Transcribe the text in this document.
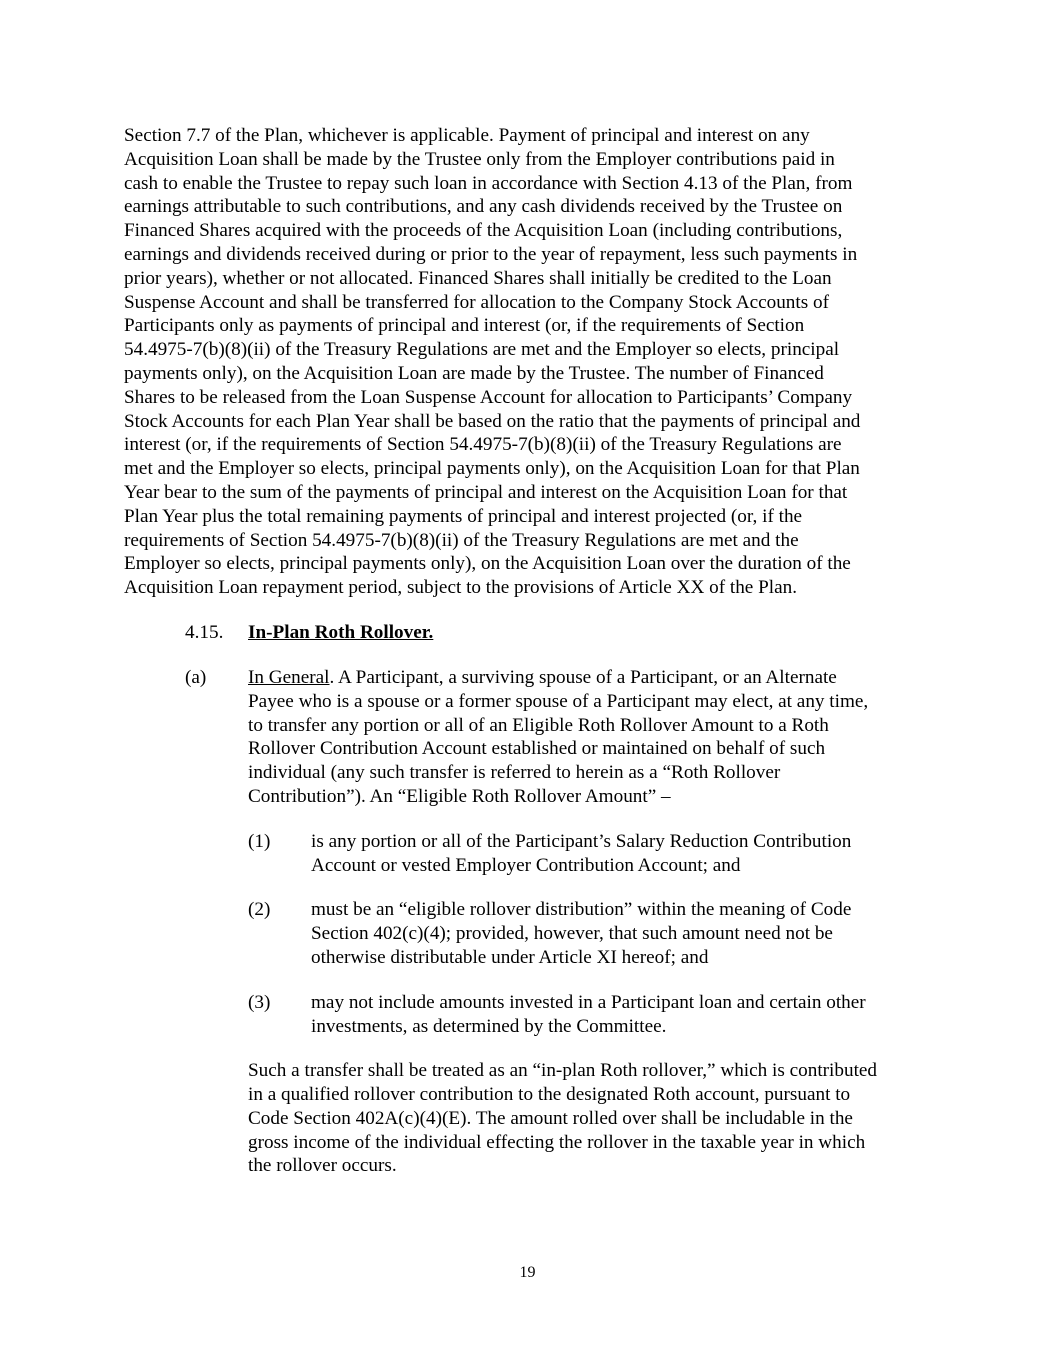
Section 7.7 of the Plan, whichever is applicable. Payment of principal and interest on any
Acquisition Loan shall be made by the Trustee only from the Employer contributions paid in
cash to enable the Trustee to repay such loan in accordance with Section 4.13 of the Plan, from
earnings attributable to such contributions, and any cash dividends received by the Trustee on
Financed Shares acquired with the proceeds of the Acquisition Loan (including contributions,
earnings and dividends received during or prior to the year of repayment, less such payments in
prior years), whether or not allocated. Financed Shares shall initially be credited to the Loan
Suspense Account and shall be transferred for allocation to the Company Stock Accounts of
Participants only as payments of principal and interest (or, if the requirements of Section
54.4975-7(b)(8)(ii) of the Treasury Regulations are met and the Employer so elects, principal
payments only), on the Acquisition Loan are made by the Trustee. The number of Financed
Shares to be released from the Loan Suspense Account for allocation to Participants’ Company
Stock Accounts for each Plan Year shall be based on the ratio that the payments of principal and
interest (or, if the requirements of Section 54.4975-7(b)(8)(ii) of the Treasury Regulations are
met and the Employer so elects, principal payments only), on the Acquisition Loan for that Plan
Year bear to the sum of the payments of principal and interest on the Acquisition Loan for that
Plan Year plus the total remaining payments of principal and interest projected (or, if the
requirements of Section 54.4975-7(b)(8)(ii) of the Treasury Regulations are met and the
Employer so elects, principal payments only), on the Acquisition Loan over the duration of the
Acquisition Loan repayment period, subject to the provisions of Article XX of the Plan.
4.15. In-Plan Roth Rollover.
(a) In General. A Participant, a surviving spouse of a Participant, or an Alternate
Payee who is a spouse or a former spouse of a Participant may elect, at any time,
to transfer any portion or all of an Eligible Roth Rollover Amount to a Roth
Rollover Contribution Account established or maintained on behalf of such
individual (any such transfer is referred to herein as a “Roth Rollover
Contribution”). An “Eligible Roth Rollover Amount” –
(1) is any portion or all of the Participant’s Salary Reduction Contribution
Account or vested Employer Contribution Account; and
(2) must be an “eligible rollover distribution” within the meaning of Code
Section 402(c)(4); provided, however, that such amount need not be
otherwise distributable under Article XI hereof; and
(3) may not include amounts invested in a Participant loan and certain other
investments, as determined by the Committee.
Such a transfer shall be treated as an “in-plan Roth rollover,” which is contributed
in a qualified rollover contribution to the designated Roth account, pursuant to
Code Section 402A(c)(4)(E). The amount rolled over shall be includable in the
gross income of the individual effecting the rollover in the taxable year in which
the rollover occurs.
19
